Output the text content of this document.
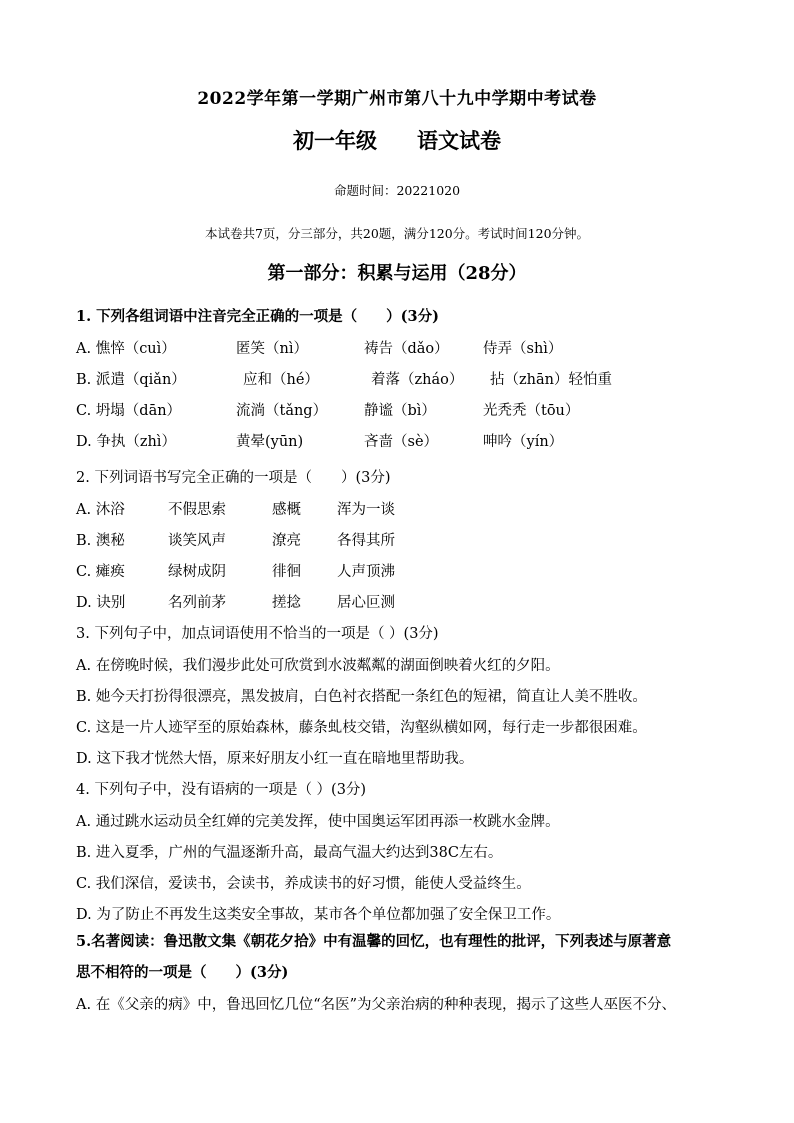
2022学年第一学期广州市第八十九中学期中考试卷
初一年级 语文试卷
命题时间：20221020
本试卷共7页，分三部分，共20题，满分120分。考试时间120分钟。
第一部分：积累与运用（28分）
1. 下列各组词语中注音完全正确的一项是（　　）(3分)
A. 憔悴（cuì）	匿笑（nì）	祷告（dǎo） 侍弄（shì）
B. 派遣（qiǎn）	应和（hé）	着落（zháo） 拈（zhān）轻怕重
C. 坍塌（dān）	流淌（tǎng）	静谧（bì）	光秃秃（tōu）
D. 争执（zhì）	黄晕(yūn)	吝啬（sè）	呻吟（yín）
2. 下列词语书写完全正确的一项是（　　）(3分)
A. 沐浴	不假思索	感概 浑为一谈
B. 澳秘	谈笑风声	潦亮 各得其所
C. 瘫痪	绿树成阴	徘徊 人声顶沸
D. 诀别	名列前茅	搓捻 居心叵测
3. 下列句子中，加点词语使用不恰当的一项是（ ）(3分)
A. 在傍晚时候，我们漫步此处可欣赏到水波粼粼的湖面倒映着火红的夕阳。
B. 她今天打扮得很漂亮，黑发披肩，白色衬衣搭配一条红色的短裙，简直让人美不胜收。
C. 这是一片人迹罕至的原始森林，藤条虬枝交错，沟壑纵横如网，每行走一步都很困难。
D. 这下我才恍然大悟，原来好朋友小红一直在暗地里帮助我。
4. 下列句子中，没有语病的一项是（ ）(3分)
A. 通过跳水运动员全红婵的完美发挥，使中国奥运军团再添一枚跳水金牌。
B. 进入夏季，广州的气温逐渐升高，最高气温大约达到38C左右。
C. 我们深信，爱读书，会读书，养成读书的好习惯，能使人受益终生。
D. 为了防止不再发生这类安全事故，某市各个单位都加强了安全保卫工作。
5.名著阅读：鲁迅散文集《朝花夕拾》中有温馨的回忆，也有理性的批评，下列表述与原著意
思不相符的一项是（　　）(3分)
A. 在《父亲的病》中，鲁迅回忆几位“名医”为父亲治病的种种表现，揭示了这些人巫医不分、
